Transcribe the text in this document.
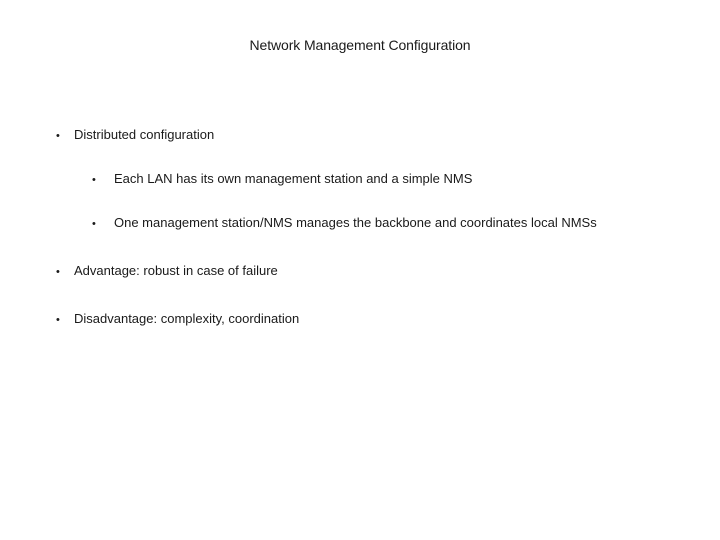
Network Management Configuration
•	Distributed configuration
•	Each LAN has its own management station and a simple NMS
•	One management station/NMS manages the backbone and coordinates local NMSs
•	Advantage: robust in case of failure
•	Disadvantage: complexity, coordination
